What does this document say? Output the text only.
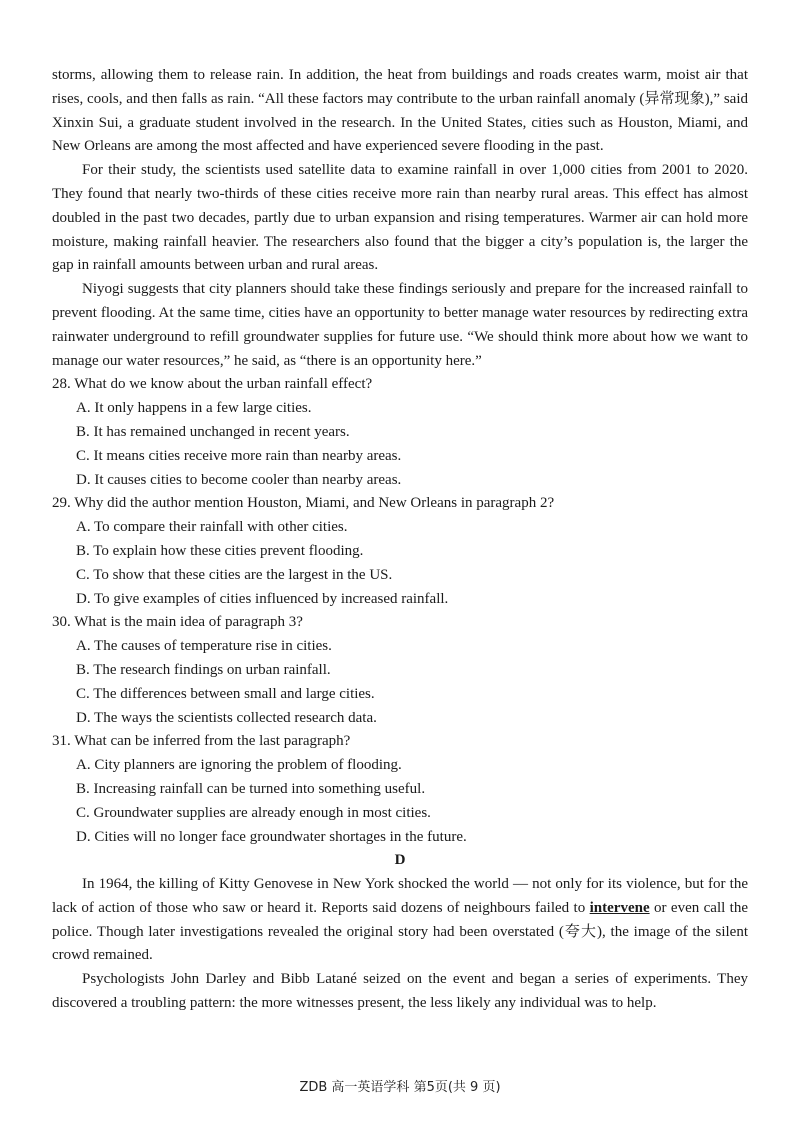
storms, allowing them to release rain. In addition, the heat from buildings and roads creates warm, moist air that rises, cools, and then falls as rain. “All these factors may contribute to the urban rainfall anomaly (异常现象),” said Xinxin Sui, a graduate student involved in the research. In the United States, cities such as Houston, Miami, and New Orleans are among the most affected and have experienced severe flooding in the past.

For their study, the scientists used satellite data to examine rainfall in over 1,000 cities from 2001 to 2020. They found that nearly two-thirds of these cities receive more rain than nearby rural areas. This effect has almost doubled in the past two decades, partly due to urban expansion and rising temperatures. Warmer air can hold more moisture, making rainfall heavier. The researchers also found that the bigger a city’s population is, the larger the gap in rainfall amounts between urban and rural areas.

Niyogi suggests that city planners should take these findings seriously and prepare for the increased rainfall to prevent flooding. At the same time, cities have an opportunity to better manage water resources by redirecting extra rainwater underground to refill groundwater supplies for future use. “We should think more about how we want to manage our water resources,” he said, as “there is an opportunity here.”

28. What do we know about the urban rainfall effect?

A. It only happens in a few large cities.

B. It has remained unchanged in recent years.

C. It means cities receive more rain than nearby areas.

D. It causes cities to become cooler than nearby areas.

29. Why did the author mention Houston, Miami, and New Orleans in paragraph 2?

A. To compare their rainfall with other cities.

B. To explain how these cities prevent flooding.

C. To show that these cities are the largest in the US.

D. To give examples of cities influenced by increased rainfall.

30. What is the main idea of paragraph 3?

A. The causes of temperature rise in cities.

B. The research findings on urban rainfall.

C. The differences between small and large cities.

D. The ways the scientists collected research data.

31. What can be inferred from the last paragraph?

A. City planners are ignoring the problem of flooding.

B. Increasing rainfall can be turned into something useful.

C. Groundwater supplies are already enough in most cities.

D. Cities will no longer face groundwater shortages in the future.

D

In 1964, the killing of Kitty Genovese in New York shocked the world — not only for its violence, but for the lack of action of those who saw or heard it. Reports said dozens of neighbours failed to intervene or even call the police. Though later investigations revealed the original story had been overstated (夸大), the image of the silent crowd remained.

Psychologists John Darley and Bibb Latané seized on the event and began a series of experiments. They discovered a troubling pattern: the more witnesses present, the less likely any individual was to help.

ZDB 高一英语学科 第5页(共 9 页)
